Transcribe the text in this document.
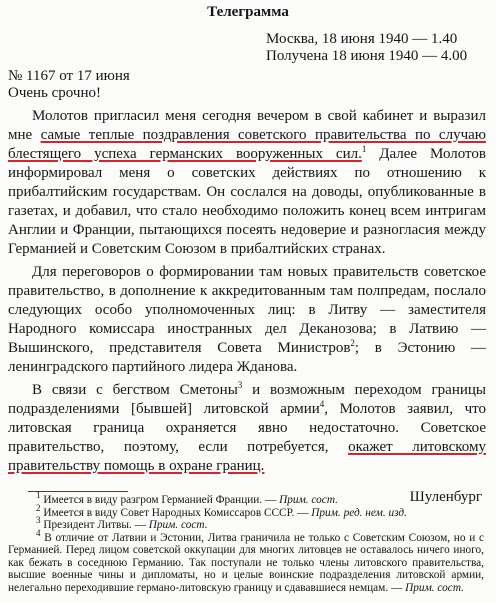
Телеграмма
Москва, 18 июня 1940 — 1.40
Получена 18 июня 1940 — 4.00
№ 1167 от 17 июня
Очень срочно!

Молотов пригласил меня сегодня вечером в свой кабинет и выразил мне самые теплые поздравления советского правительства по случаю блестящего успеха германских вооруженных сил.$^1$ Далее Молотов информировал меня о советских действиях по отношению к прибалтийским государствам. Он сослался на доводы, опубликованные в газетах, и добавил, что стало необходимо положить конец всем интригам Англии и Франции, пытающихся посеять недоверие и разногласия между Германией и Советским Союзом в прибалтийских странах.

Для переговоров о формировании там новых правительств советское правительство, в дополнение к аккредитованным там полпредам, послало следующих особо уполномоченных лиц: в Литву — заместителя Народного комиссара иностранных дел Деканозова; в Латвию — Вышинского, представителя Совета Министров$^2$; в Эстонию — ленинградского партийного лидера Жданова.

В связи с бегством Сметоны$^3$ и возможным переходом границы подразделениями [бывшей] литовской армии$^4$, Молотов заявил, что литовская граница охраняется явно недостаточно. Советское правительство, поэтому, если потребуется, окажет литовскому правительству помощь в охране границ.

Шуленбург

$^1$ Имеется в виду разгром Германией Франции. — Прим. сост.

$^2$ Имеется в виду Совет Народных Комиссаров СССР. — Прим. ред. нем. изд.

$^3$ Президент Литвы. — Прим. сост.

$^4$ В отличие от Латвии и Эстонии, Литва граничила не только с Советским Союзом, но и с Германией. Перед лицом советской оккупации для многих литовцев не оставалось ничего иного, как бежать в соседнюю Германию. Так поступали не только члены литовского правительства, высшие военные чины и дипломаты, но и целые воинские подразделения литовской армии, нелегально переходившие германо-литовскую границу и сдававшиеся немцам. — Прим. сост.
